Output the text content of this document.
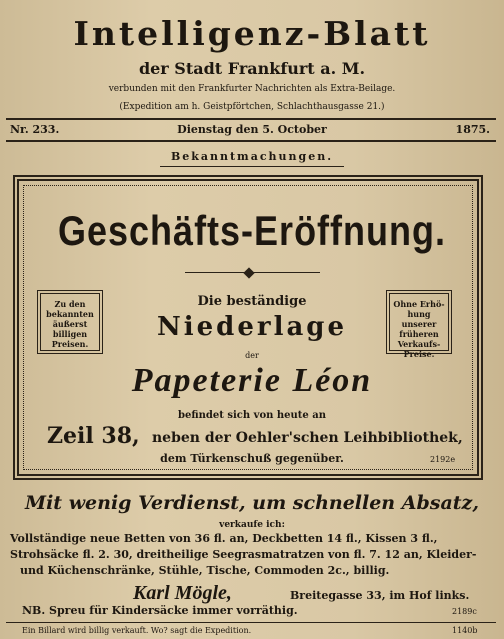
Intelligenz-Blatt
der Stadt Frankfurt a. M.
verbunden mit den Frankfurter Nachrichten als Extra-Beilage.
(Expedition am h. Geistpförtchen, Schlachthausgasse 21.)
Nr. 233.	Dienstag den 5. October	1875.
Bekanntmachungen.
Geschäfts-Eröffnung.
Zu den
bekannten
äußerst
billigen
Preisen.
Ohne Erhö-
hung unserer
früheren
Verkaufs-
Preise.
Die beständige
Niederlage
der
Papeterie Léon
befindet sich von heute an
Zeil 38, neben der Oehler'schen Leihbibliothek,
dem Türkenschuß gegenüber.	2192e
Mit wenig Verdienst, um schnellen Absatz,
verkaufe ich:
Vollständige neue Betten von 36 fl. an, Deckbetten 14 fl., Kissen 3 fl.,
Strohsäcke fl. 2. 30, dreitheilige Seegrasmatratzen von fl. 7. 12 an, Kleider-
und Küchenschränke, Stühle, Tische, Commoden 2c., billig.
Karl Mögle,	Breitegasse 33, im Hof links.
NB. Spreu für Kindersäcke immer vorräthig.	2189c
Ein Billard wird billig verkauft. Wo? sagt die Expedition.	1140b
